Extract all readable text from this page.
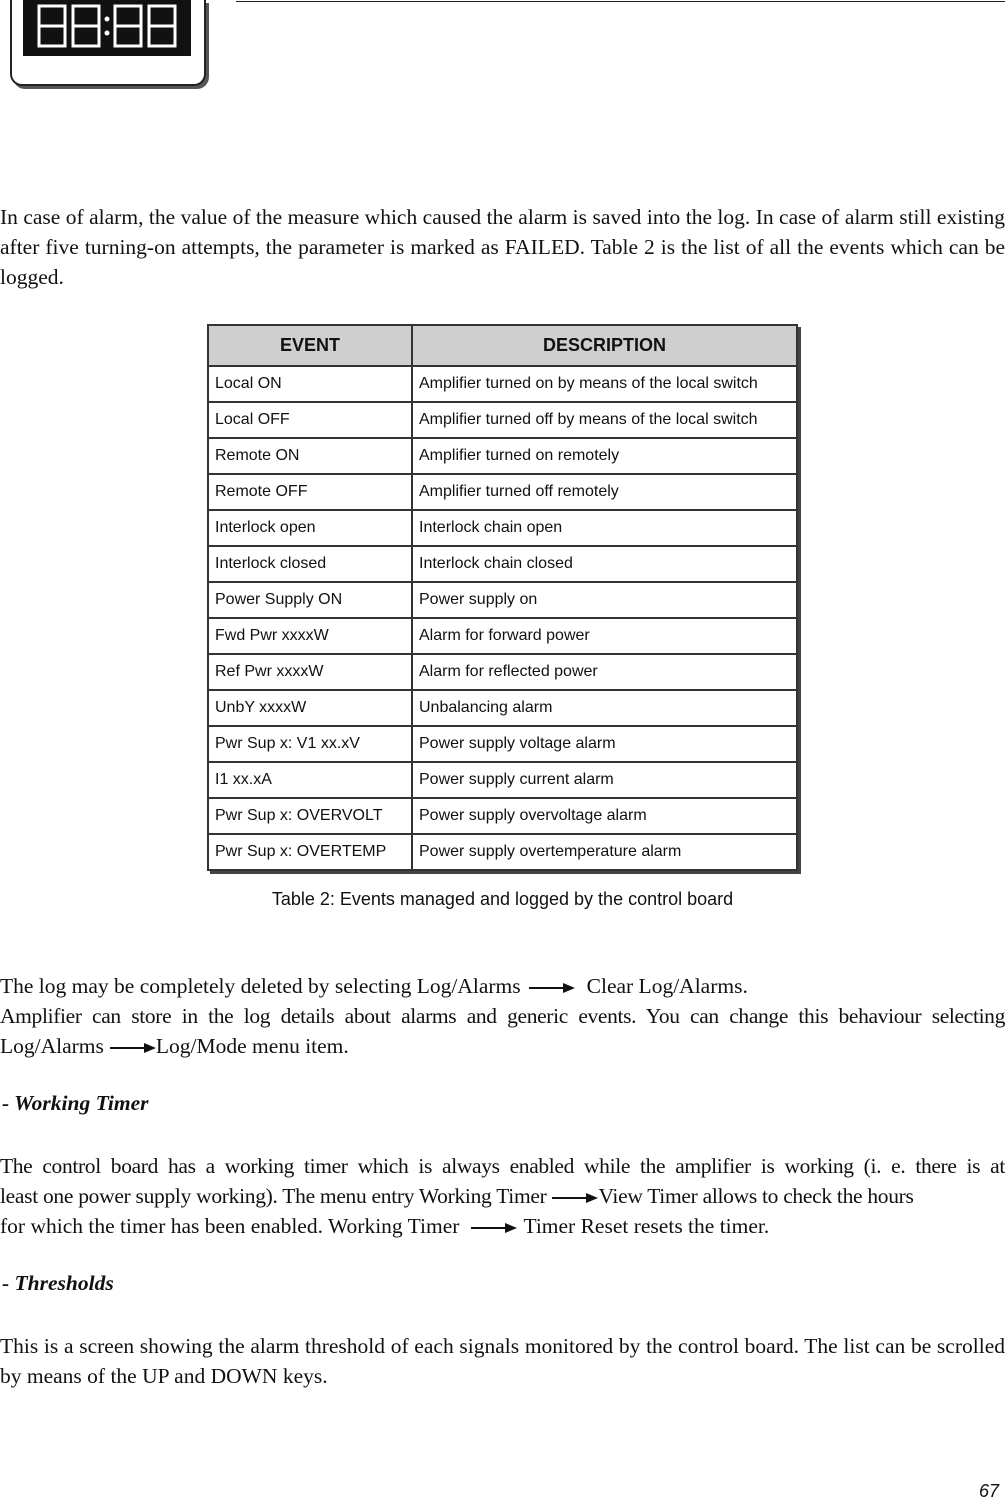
In case of alarm, the value of the measure which caused the alarm is saved into the log. In case of alarm still existing after five turning-on attempts, the parameter is marked as FAILED. Table 2 is the list of all the events which can be logged.

EVENT	DESCRIPTION
Local ON	Amplifier turned on by means of the local switch
Local OFF	Amplifier turned off by means of the local switch
Remote ON	Amplifier turned on remotely
Remote OFF	Amplifier turned off remotely
Interlock open	Interlock chain open
Interlock closed	Interlock chain closed
Power Supply ON	Power supply on
Fwd Pwr xxxxW	Alarm for forward power
Ref Pwr xxxxW	Alarm for reflected power
UnbY xxxxW	Unbalancing alarm
Pwr Sup x: V1 xx.xV	Power supply voltage alarm
I1 xx.xA	Power supply current alarm
Pwr Sup x: OVERVOLT	Power supply overvoltage alarm
Pwr Sup x: OVERTEMP	Power supply overtemperature alarm
Table 2: Events managed and logged by the control board

The log may be completely deleted by selecting Log/Alarms	Clear Log/Alarms.

Amplifier can store in the log details about alarms and generic events. You can change this behaviour selecting

Log/Alarms Log/Mode menu item.

- Working Timer

The control board has a working timer which is always enabled while the amplifier is working (i. e. there is at

least one power supply working). The menu entry Working Timer View Timer allows to check the hours

for which the timer has been enabled. Working Timer	Timer Reset resets the timer.

- Thresholds

This is a screen showing the alarm threshold of each signals monitored by the control board. The list can be scrolled by means of the UP and DOWN keys.

67
